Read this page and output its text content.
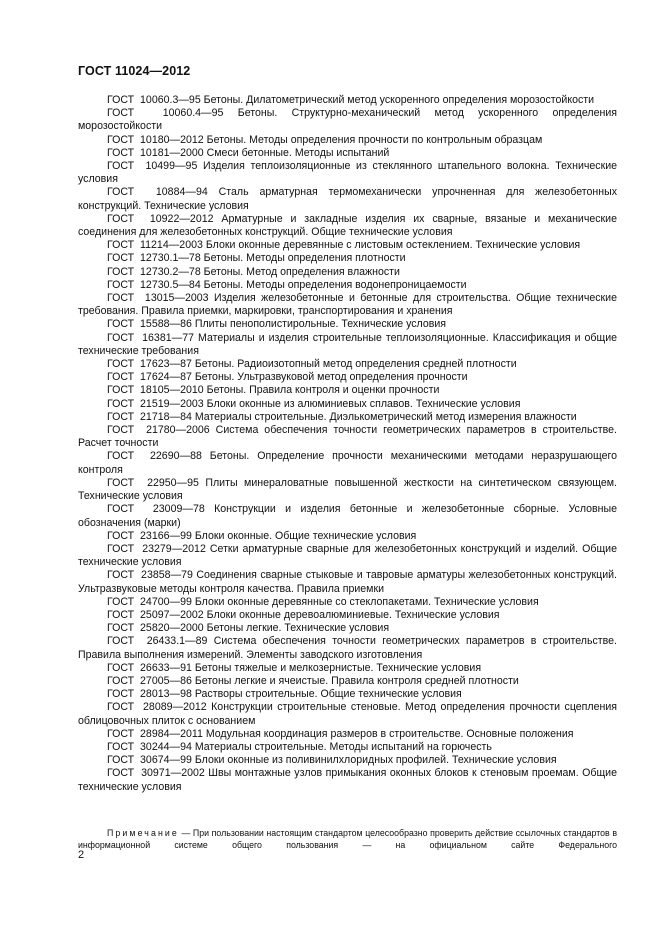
ГОСТ 11024—2012

ГОСТ  10060.3—95 Бетоны. Дилатометрический метод ускоренного определения морозостойкости

ГОСТ  10060.4—95 Бетоны. Структурно-механический метод ускоренного определения морозостойкости

ГОСТ  10180—2012 Бетоны. Методы определения прочности по контрольным образцам

ГОСТ  10181—2000 Смеси бетонные. Методы испытаний

ГОСТ  10499—95 Изделия теплоизоляционные из стеклянного штапельного волокна. Технические условия

ГОСТ  10884—94 Сталь арматурная термомеханически упрочненная для железобетонных конструкций. Технические условия

ГОСТ  10922—2012 Арматурные и закладные изделия их сварные, вязаные и механические соединения для железобетонных конструкций. Общие технические условия

ГОСТ  11214—2003 Блоки оконные деревянные с листовым остеклением. Технические условия

ГОСТ  12730.1—78 Бетоны. Методы определения плотности

ГОСТ  12730.2—78 Бетоны. Метод определения влажности

ГОСТ  12730.5—84 Бетоны. Методы определения водонепроницаемости

ГОСТ  13015—2003 Изделия железобетонные и бетонные для строительства. Общие технические требования. Правила приемки, маркировки, транспортирования и хранения

ГОСТ  15588—86 Плиты пенополистирольные. Технические условия

ГОСТ  16381—77 Материалы и изделия строительные теплоизоляционные. Классификация и общие технические требования

ГОСТ  17623—87 Бетоны. Радиоизотопный метод определения средней плотности

ГОСТ  17624—87 Бетоны. Ультразвуковой метод определения прочности

ГОСТ  18105—2010 Бетоны. Правила контроля и оценки прочности

ГОСТ  21519—2003 Блоки оконные из алюминиевых сплавов. Технические условия

ГОСТ  21718—84 Материалы строительные. Диэлькометрический метод измерения влажности

ГОСТ  21780—2006 Система обеспечения точности геометрических параметров в строительстве. Расчет точности

ГОСТ  22690—88 Бетоны. Определение прочности механическими методами неразрушающего контроля

ГОСТ  22950—95 Плиты минераловатные повышенной жесткости на синтетическом связующем. Технические условия

ГОСТ  23009—78 Конструкции и изделия бетонные и железобетонные сборные. Условные обозначения (марки)

ГОСТ  23166—99 Блоки оконные. Общие технические условия

ГОСТ  23279—2012 Сетки арматурные сварные для железобетонных конструкций и изделий. Общие технические условия

ГОСТ  23858—79 Соединения сварные стыковые и тавровые арматуры железобетонных конструкций. Ультразвуковые методы контроля качества. Правила приемки

ГОСТ  24700—99 Блоки оконные деревянные со стеклопакетами. Технические условия

ГОСТ  25097—2002 Блоки оконные деревоалюминиевые. Технические условия

ГОСТ  25820—2000 Бетоны легкие. Технические условия

ГОСТ  26433.1—89 Система обеспечения точности геометрических параметров в строительстве. Правила выполнения измерений. Элементы заводского изготовления

ГОСТ  26633—91 Бетоны тяжелые и мелкозернистые. Технические условия

ГОСТ  27005—86 Бетоны легкие и ячеистые. Правила контроля средней плотности

ГОСТ  28013—98 Растворы строительные. Общие технические условия

ГОСТ  28089—2012 Конструкции строительные стеновые. Метод определения прочности сцепления облицовочных плиток с основанием

ГОСТ  28984—2011 Модульная координация размеров в строительстве. Основные положения

ГОСТ  30244—94 Материалы строительные. Методы испытаний на горючесть

ГОСТ  30674—99 Блоки оконные из поливинилхлоридных профилей. Технические условия

ГОСТ  30971—2002 Швы монтажные узлов примыкания оконных блоков к стеновым проемам. Общие технические условия

Примечание — При пользовании настоящим стандартом целесообразно проверить действие ссылочных стандартов в информационной системе общего пользования — на официальном сайте Федерального

2
